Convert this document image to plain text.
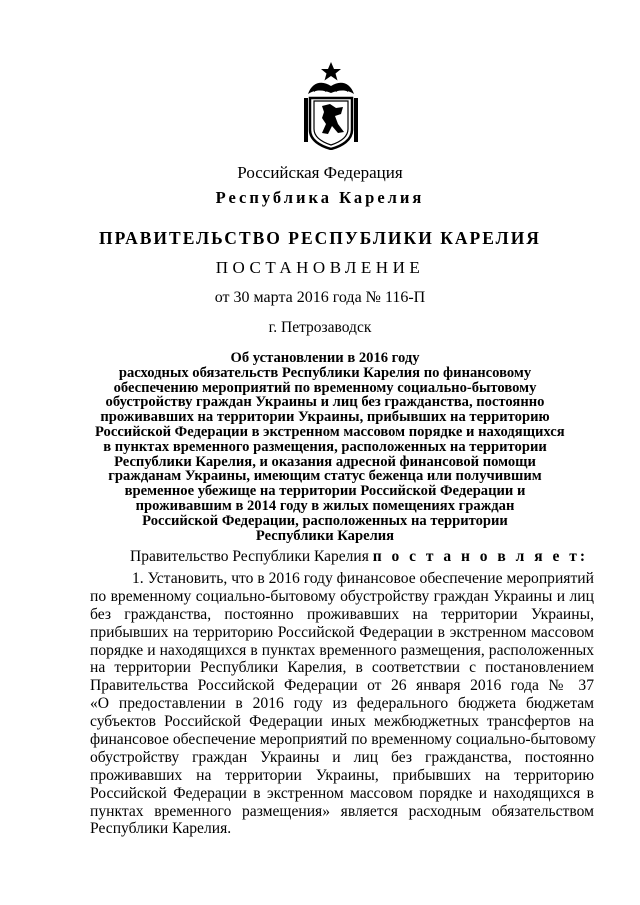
Российская Федерация
Республика Карелия
ПРАВИТЕЛЬСТВО РЕСПУБЛИКИ КАРЕЛИЯ
ПОСТАНОВЛЕНИЕ
от 30 марта 2016 года № 116-П
г. Петрозаводск
Об установлении в 2016 году
расходных обязательств Республики Карелия по финансовому
обеспечению мероприятий по временному социально-бытовому
обустройству граждан Украины и лиц без гражданства, постоянно
проживавших на территории Украины, прибывших на территорию
Российской Федерации в экстренном массовом порядке и находящихся
в пунктах временного размещения, расположенных на территории
Республики Карелия, и оказания адресной финансовой помощи
гражданам Украины, имеющим статус беженца или получившим
временное убежище на территории Российской Федерации и
проживавшим в 2014 году в жилых помещениях граждан
Российской Федерации, расположенных на территории
Республики Карелия
Правительство Республики Карелия п о с т а н о в л я е т:
1. Установить, что в 2016 году финансовое обеспечение мероприятий
по временному социально-бытовому обустройству граждан Украины и лиц
без гражданства, постоянно проживавших на территории Украины,
прибывших на территорию Российской Федерации в экстренном массовом
порядке и находящихся в пунктах временного размещения, расположенных
на территории Республики Карелия, в соответствии с постановлением
Правительства Российской Федерации от 26 января 2016 года № 37
«О предоставлении в 2016 году из федерального бюджета бюджетам
субъектов Российской Федерации иных межбюджетных трансфертов на
финансовое обеспечение мероприятий по временному социально-бытовому
обустройству граждан Украины и лиц без гражданства, постоянно
проживавших на территории Украины, прибывших на территорию
Российской Федерации в экстренном массовом порядке и находящихся в
пунктах временного размещения» является расходным обязательством
Республики Карелия.
